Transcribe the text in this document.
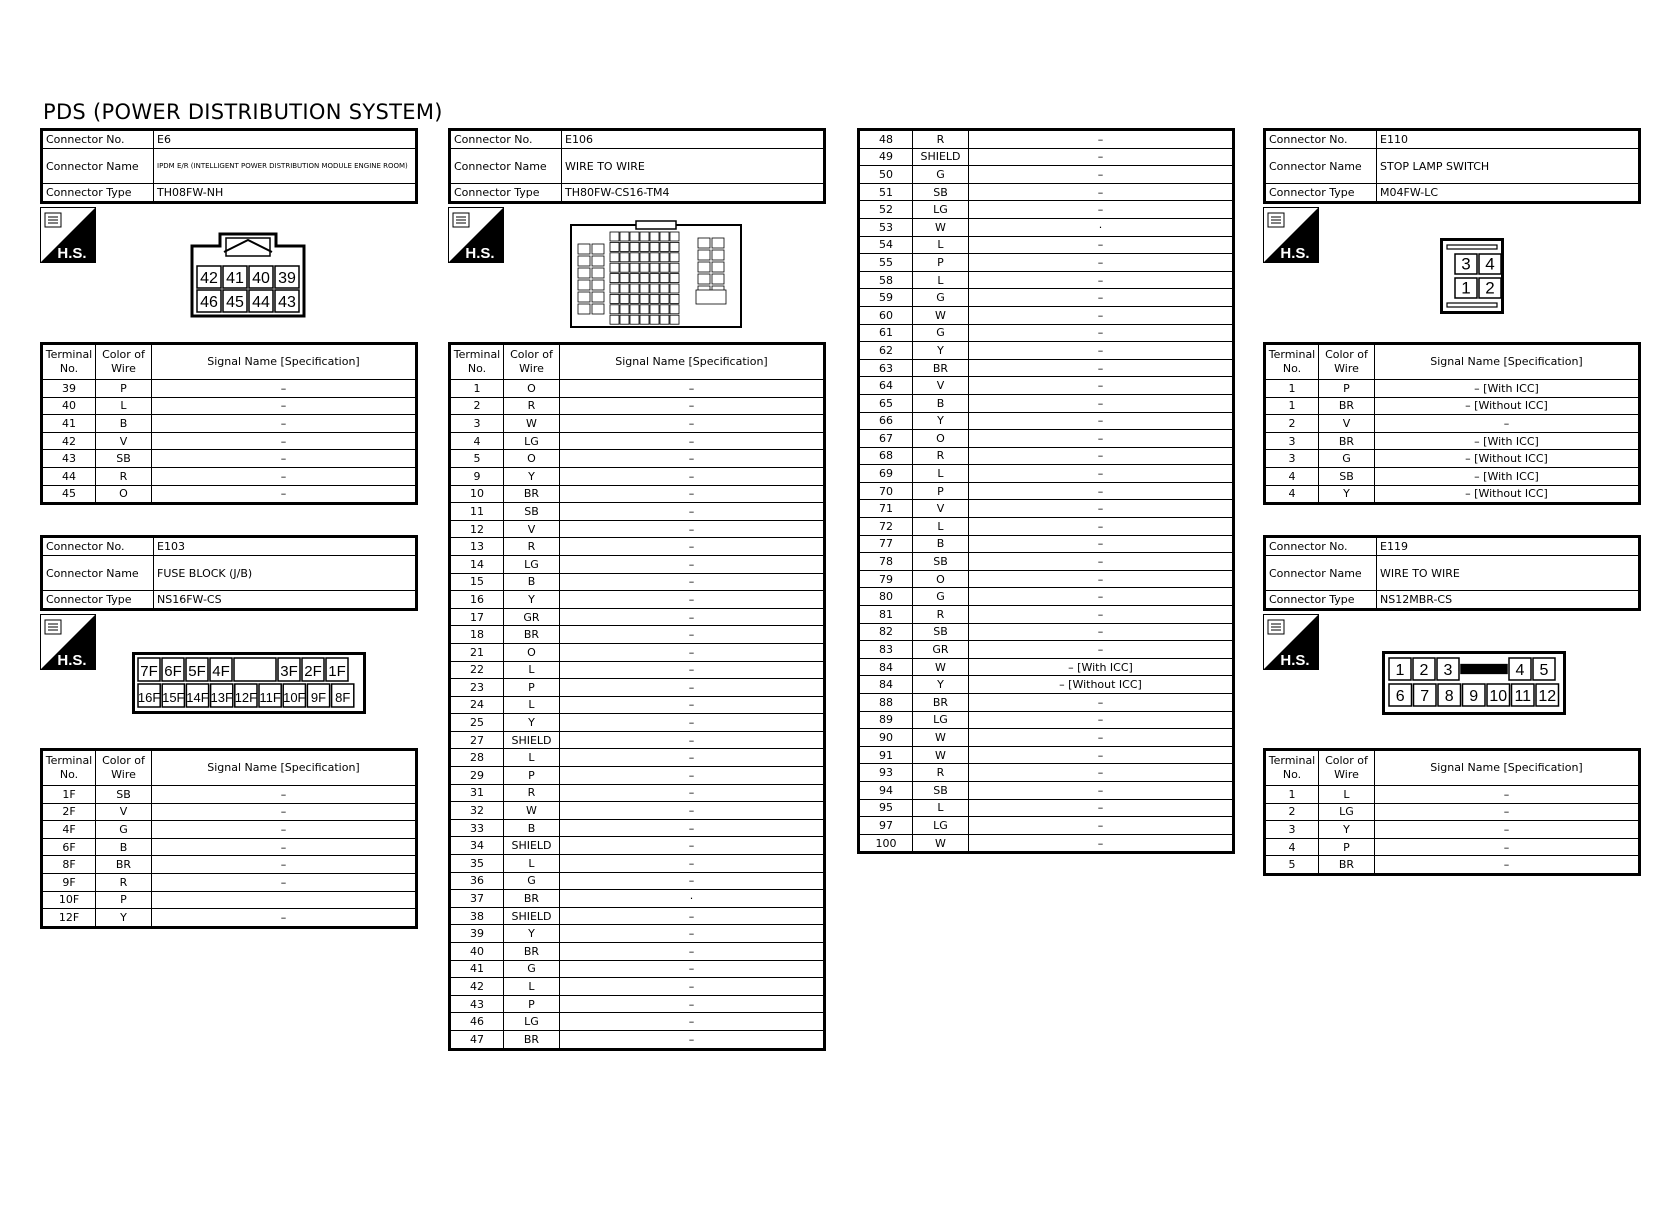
PDS (POWER DISTRIBUTION SYSTEM)
Connector No.	E6
Connector Name	IPDM E/R (INTELLIGENT POWER DISTRIBUTION MODULE ENGINE ROOM)
Connector Type	TH08FW-NH
H.S.
42 41 40 39
46 45 44 43
Terminal No.	Color of Wire	Signal Name [Specification]
39	P	–
40	L	–
41	B	–
42	V	–
43	SB	–
44	R	–
45	O	–
Connector No.	E103
Connector Name	FUSE BLOCK (J/B)
Connector Type	NS16FW-CS
H.S.
7F 6F 5F 4F	3F 2F 1F
16F 15F 14F 13F 12F 11F 10F 9F 8F
Terminal No.	Color of Wire	Signal Name [Specification]
1F	SB	–
2F	V	–
4F	G	–
6F	B	–
8F	BR	–
9F	R	–
10F	P	
12F	Y	–
Connector No.	E106
Connector Name	WIRE TO WIRE
Connector Type	TH80FW-CS16-TM4
H.S.
Terminal No.	Color of Wire	Signal Name [Specification]
1	O	–
2	R	–
3	W	–
4	LG	–
5	O	–
9	Y	–
10	BR	–
11	SB	–
12	V	–
13	R	–
14	LG	–
15	B	–
16	Y	–
17	GR	–
18	BR	–
21	O	–
22	L	–
23	P	–
24	L	–
25	Y	–
27	SHIELD	–
28	L	–
29	P	–
31	R	–
32	W	–
33	B	–
34	SHIELD	–
35	L	–
36	G	–
37	BR	·
38	SHIELD	–
39	Y	–
40	BR	–
41	G	–
42	L	–
43	P	–
46	LG	–
47	BR	–
48	R	–
49	SHIELD	–
50	G	–
51	SB	–
52	LG	–
53	W	·
54	L	–
55	P	–
58	L	–
59	G	–
60	W	–
61	G	–
62	Y	–
63	BR	–
64	V	–
65	B	–
66	Y	–
67	O	–
68	R	–
69	L	–
70	P	–
71	V	–
72	L	–
77	B	–
78	SB	–
79	O	–
80	G	–
81	R	–
82	SB	–
83	GR	–
84	W	– [With ICC]
84	Y	– [Without ICC]
88	BR	–
89	LG	–
90	W	–
91	W	–
93	R	–
94	SB	–
95	L	–
97	LG	–
100	W	–
Connector No.	E110
Connector Name	STOP LAMP SWITCH
Connector Type	M04FW-LC
H.S.
3 4
1 2
Terminal No.	Color of Wire	Signal Name [Specification]
1	P	– [With ICC]
1	BR	– [Without ICC]
2	V	–
3	BR	– [With ICC]
3	G	– [Without ICC]
4	SB	– [With ICC]
4	Y	– [Without ICC]
Connector No.	E119
Connector Name	WIRE TO WIRE
Connector Type	NS12MBR-CS
H.S.
1 2 3	4 5
6 7 8 9 10 11 12
Terminal No.	Color of Wire	Signal Name [Specification]
1	L	–
2	LG	–
3	Y	–
4	P	–
5	BR	–
